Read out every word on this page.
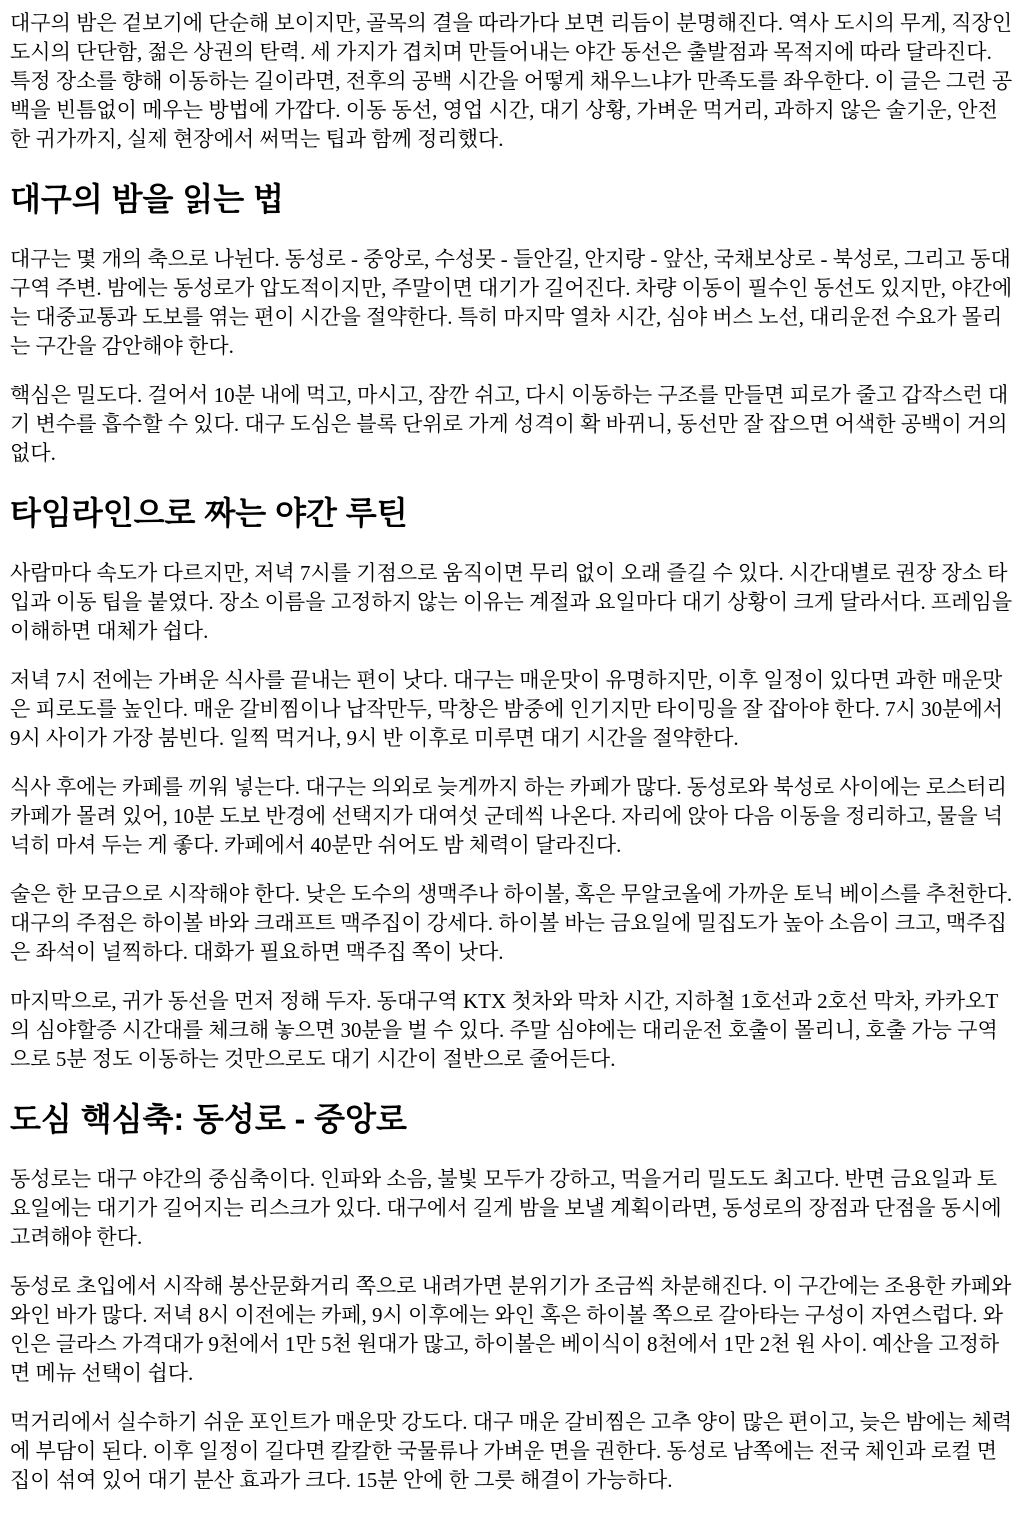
대구의 밤은 겉보기에 단순해 보이지만, 골목의 결을 따라가다 보면 리듬이 분명해진다. 역사 도시의 무게, 직장인 도시의 단단함, 젊은 상권의 탄력. 세 가지가 겹치며 만들어내는 야간 동선은 출발점과 목적지에 따라 달라진다. 특정 장소를 향해 이동하는 길이라면, 전후의 공백 시간을 어떻게 채우느냐가 만족도를 좌우한다. 이 글은 그런 공백을 빈틈없이 메우는 방법에 가깝다. 이동 동선, 영업 시간, 대기 상황, 가벼운 먹거리, 과하지 않은 술기운, 안전한 귀가까지, 실제 현장에서 써먹는 팁과 함께 정리했다.

대구의 밤을 읽는 법

대구는 몇 개의 축으로 나뉜다. 동성로 - 중앙로, 수성못 - 들안길, 안지랑 - 앞산, 국채보상로 - 북성로, 그리고 동대구역 주변. 밤에는 동성로가 압도적이지만, 주말이면 대기가 길어진다. 차량 이동이 필수인 동선도 있지만, 야간에는 대중교통과 도보를 엮는 편이 시간을 절약한다. 특히 마지막 열차 시간, 심야 버스 노선, 대리운전 수요가 몰리는 구간을 감안해야 한다.

핵심은 밀도다. 걸어서 10분 내에 먹고, 마시고, 잠깐 쉬고, 다시 이동하는 구조를 만들면 피로가 줄고 갑작스런 대기 변수를 흡수할 수 있다. 대구 도심은 블록 단위로 가게 성격이 확 바뀌니, 동선만 잘 잡으면 어색한 공백이 거의 없다.

타임라인으로 짜는 야간 루틴

사람마다 속도가 다르지만, 저녁 7시를 기점으로 움직이면 무리 없이 오래 즐길 수 있다. 시간대별로 권장 장소 타입과 이동 팁을 붙였다. 장소 이름을 고정하지 않는 이유는 계절과 요일마다 대기 상황이 크게 달라서다. 프레임을 이해하면 대체가 쉽다.

저녁 7시 전에는 가벼운 식사를 끝내는 편이 낫다. 대구는 매운맛이 유명하지만, 이후 일정이 있다면 과한 매운맛은 피로도를 높인다. 매운 갈비찜이나 납작만두, 막창은 밤중에 인기지만 타이밍을 잘 잡아야 한다. 7시 30분에서 9시 사이가 가장 붐빈다. 일찍 먹거나, 9시 반 이후로 미루면 대기 시간을 절약한다.

식사 후에는 카페를 끼워 넣는다. 대구는 의외로 늦게까지 하는 카페가 많다. 동성로와 북성로 사이에는 로스터리 카페가 몰려 있어, 10분 도보 반경에 선택지가 대여섯 군데씩 나온다. 자리에 앉아 다음 이동을 정리하고, 물을 넉넉히 마셔 두는 게 좋다. 카페에서 40분만 쉬어도 밤 체력이 달라진다.

술은 한 모금으로 시작해야 한다. 낮은 도수의 생맥주나 하이볼, 혹은 무알코올에 가까운 토닉 베이스를 추천한다. 대구의 주점은 하이볼 바와 크래프트 맥주집이 강세다. 하이볼 바는 금요일에 밀집도가 높아 소음이 크고, 맥주집은 좌석이 널찍하다. 대화가 필요하면 맥주집 쪽이 낫다.

마지막으로, 귀가 동선을 먼저 정해 두자. 동대구역 KTX 첫차와 막차 시간, 지하철 1호선과 2호선 막차, 카카오T의 심야할증 시간대를 체크해 놓으면 30분을 벌 수 있다. 주말 심야에는 대리운전 호출이 몰리니, 호출 가능 구역으로 5분 정도 이동하는 것만으로도 대기 시간이 절반으로 줄어든다.

도심 핵심축: 동성로 - 중앙로

동성로는 대구 야간의 중심축이다. 인파와 소음, 불빛 모두가 강하고, 먹을거리 밀도도 최고다. 반면 금요일과 토요일에는 대기가 길어지는 리스크가 있다. 대구에서 길게 밤을 보낼 계획이라면, 동성로의 장점과 단점을 동시에 고려해야 한다.

동성로 초입에서 시작해 봉산문화거리 쪽으로 내려가면 분위기가 조금씩 차분해진다. 이 구간에는 조용한 카페와 와인 바가 많다. 저녁 8시 이전에는 카페, 9시 이후에는 와인 혹은 하이볼 쪽으로 갈아타는 구성이 자연스럽다. 와인은 글라스 가격대가 9천에서 1만 5천 원대가 많고, 하이볼은 베이식이 8천에서 1만 2천 원 사이. 예산을 고정하면 메뉴 선택이 쉽다.

먹거리에서 실수하기 쉬운 포인트가 매운맛 강도다. 대구 매운 갈비찜은 고추 양이 많은 편이고, 늦은 밤에는 체력에 부담이 된다. 이후 일정이 길다면 칼칼한 국물류나 가벼운 면을 권한다. 동성로 남쪽에는 전국 체인과 로컬 면집이 섞여 있어 대기 분산 효과가 크다. 15분 안에 한 그릇 해결이 가능하다.
